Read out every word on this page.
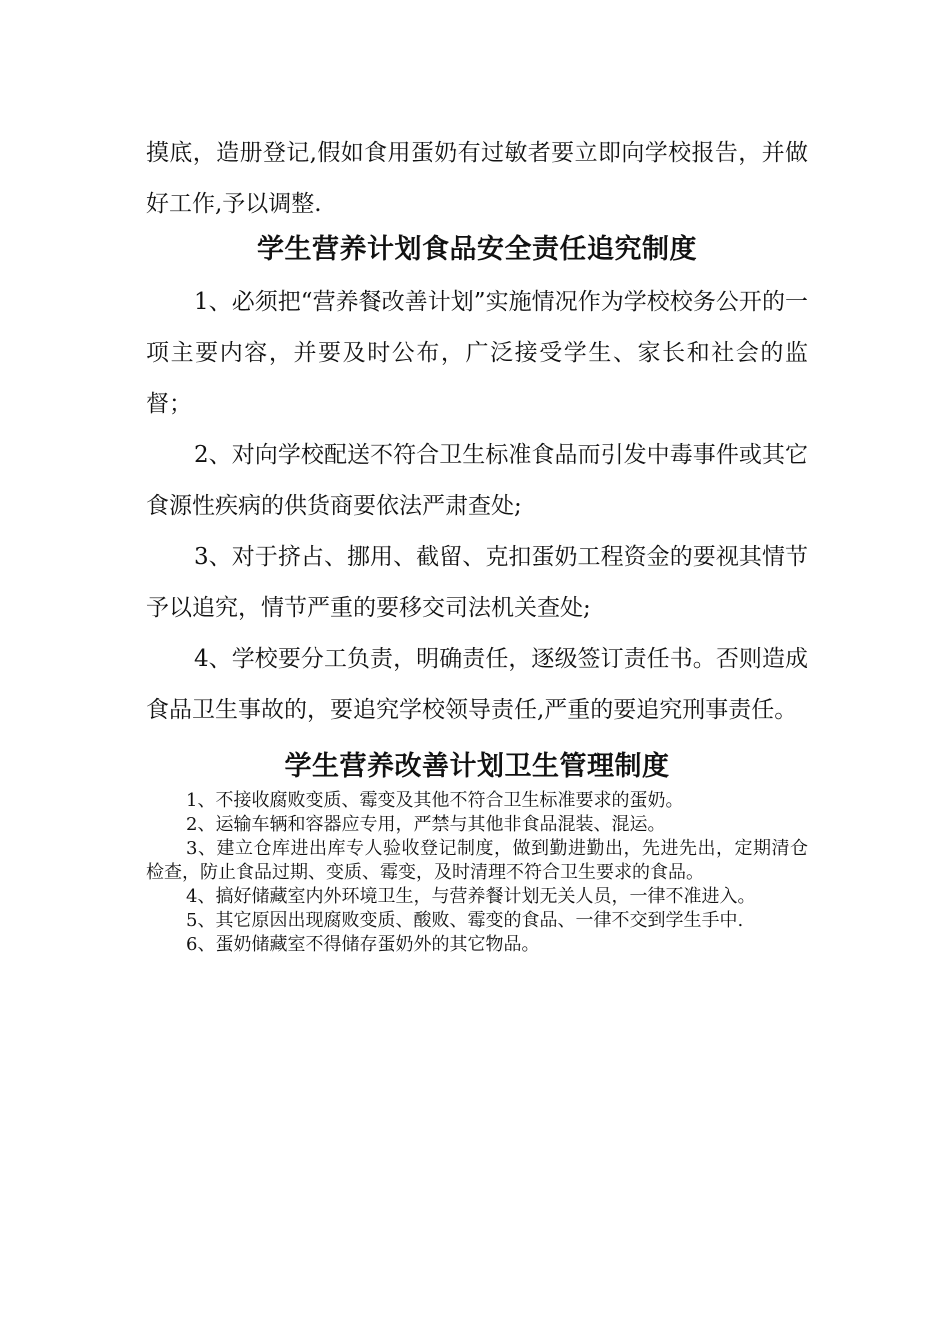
摸底，造册登记,假如食用蛋奶有过敏者要立即向学校报告，并做好工作,予以调整.

学生营养计划食品安全责任追究制度

1、必须把“营养餐改善计划”实施情况作为学校校务公开的一项主要内容，并要及时公布，广泛接受学生、家长和社会的监督；

2、对向学校配送不符合卫生标准食品而引发中毒事件或其它食源性疾病的供货商要依法严肃查处;

3、对于挤占、挪用、截留、克扣蛋奶工程资金的要视其情节予以追究，情节严重的要移交司法机关查处;

4、学校要分工负责，明确责任，逐级签订责任书。否则造成食品卫生事故的，要追究学校领导责任,严重的要追究刑事责任。

学生营养改善计划卫生管理制度

1、不接收腐败变质、霉变及其他不符合卫生标准要求的蛋奶。

2、运输车辆和容器应专用，严禁与其他非食品混装、混运。

3、建立仓库进出库专人验收登记制度，做到勤进勤出，先进先出，定期清仓检查，防止食品过期、变质、霉变，及时清理不符合卫生要求的食品。

4、搞好储藏室内外环境卫生，与营养餐计划无关人员，一律不准进入。

5、其它原因出现腐败变质、酸败、霉变的食品、一律不交到学生手中.

6、蛋奶储藏室不得储存蛋奶外的其它物品。
